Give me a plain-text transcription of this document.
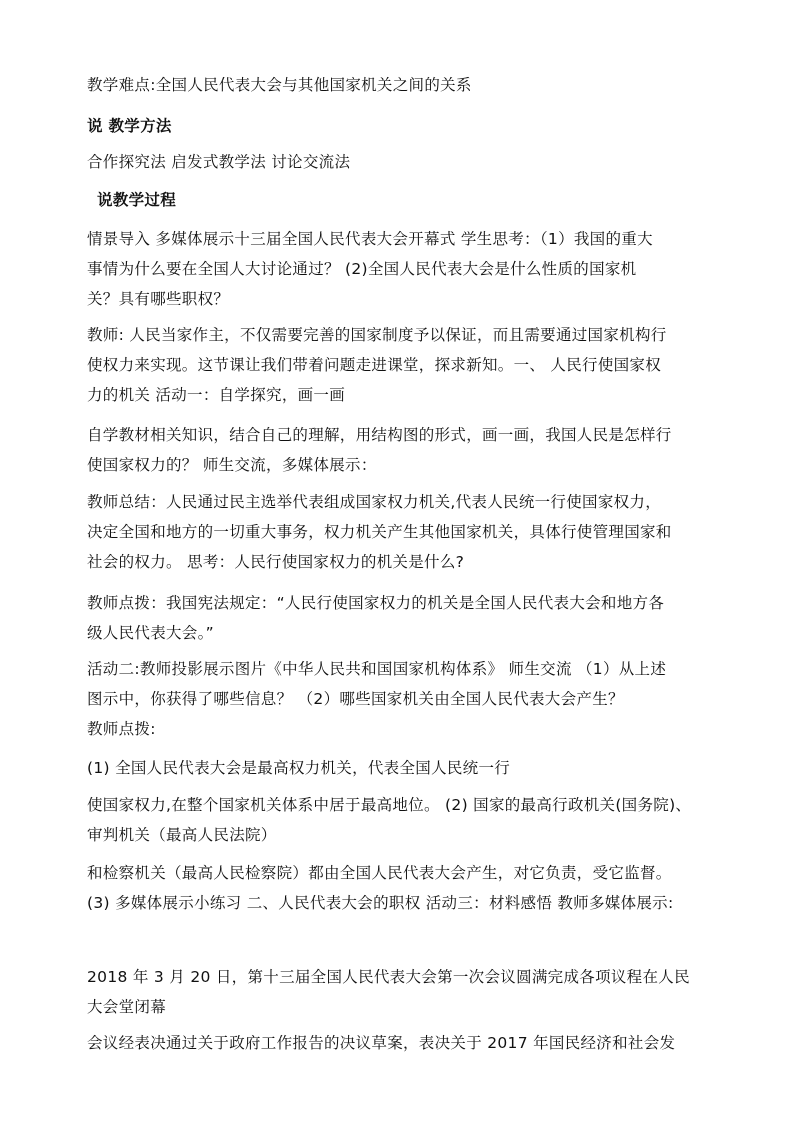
教学难点:全国人民代表大会与其他国家机关之间的关系
说 教学方法
合作探究法 启发式教学法 讨论交流法
说教学过程
情景导入 多媒体展示十三届全国人民代表大会开幕式 学生思考：（1）我国的重大
事情为什么要在全国人大讨论通过？ (2)全国人民代表大会是什么性质的国家机
关？具有哪些职权？
教师: 人民当家作主，不仅需要完善的国家制度予以保证，而且需要通过国家机构行
使权力来实现。这节课让我们带着问题走进课堂，探求新知。一、 人民行使国家权
力的机关 活动一：自学探究，画一画
自学教材相关知识，结合自己的理解，用结构图的形式，画一画，我国人民是怎样行
使国家权力的？ 师生交流，多媒体展示：
教师总结：人民通过民主选举代表组成国家权力机关,代表人民统一行使国家权力，
决定全国和地方的一切重大事务，权力机关产生其他国家机关，具体行使管理国家和
社会的权力。 思考：人民行使国家权力的机关是什么?
教师点拨：我国宪法规定：“人民行使国家权力的机关是全国人民代表大会和地方各
级人民代表大会。”
活动二:教师投影展示图片《中华人民共和国国家机构体系》 师生交流 （1）从上述
图示中，你获得了哪些信息？ （2）哪些国家机关由全国人民代表大会产生？
教师点拨:
(1) 全国人民代表大会是最高权力机关，代表全国人民统一行
使国家权力,在整个国家机关体系中居于最高地位。 (2) 国家的最高行政机关(国务院)、
审判机关（最高人民法院）
和检察机关（最高人民检察院）都由全国人民代表大会产生，对它负责，受它监督。
(3) 多媒体展示小练习 二、人民代表大会的职权 活动三：材料感悟 教师多媒体展示:
2018 年 3 月 20 日，第十三届全国人民代表大会第一次会议圆满完成各项议程在人民
大会堂闭幕
会议经表决通过关于政府工作报告的决议草案，表决关于 2017 年国民经济和社会发
